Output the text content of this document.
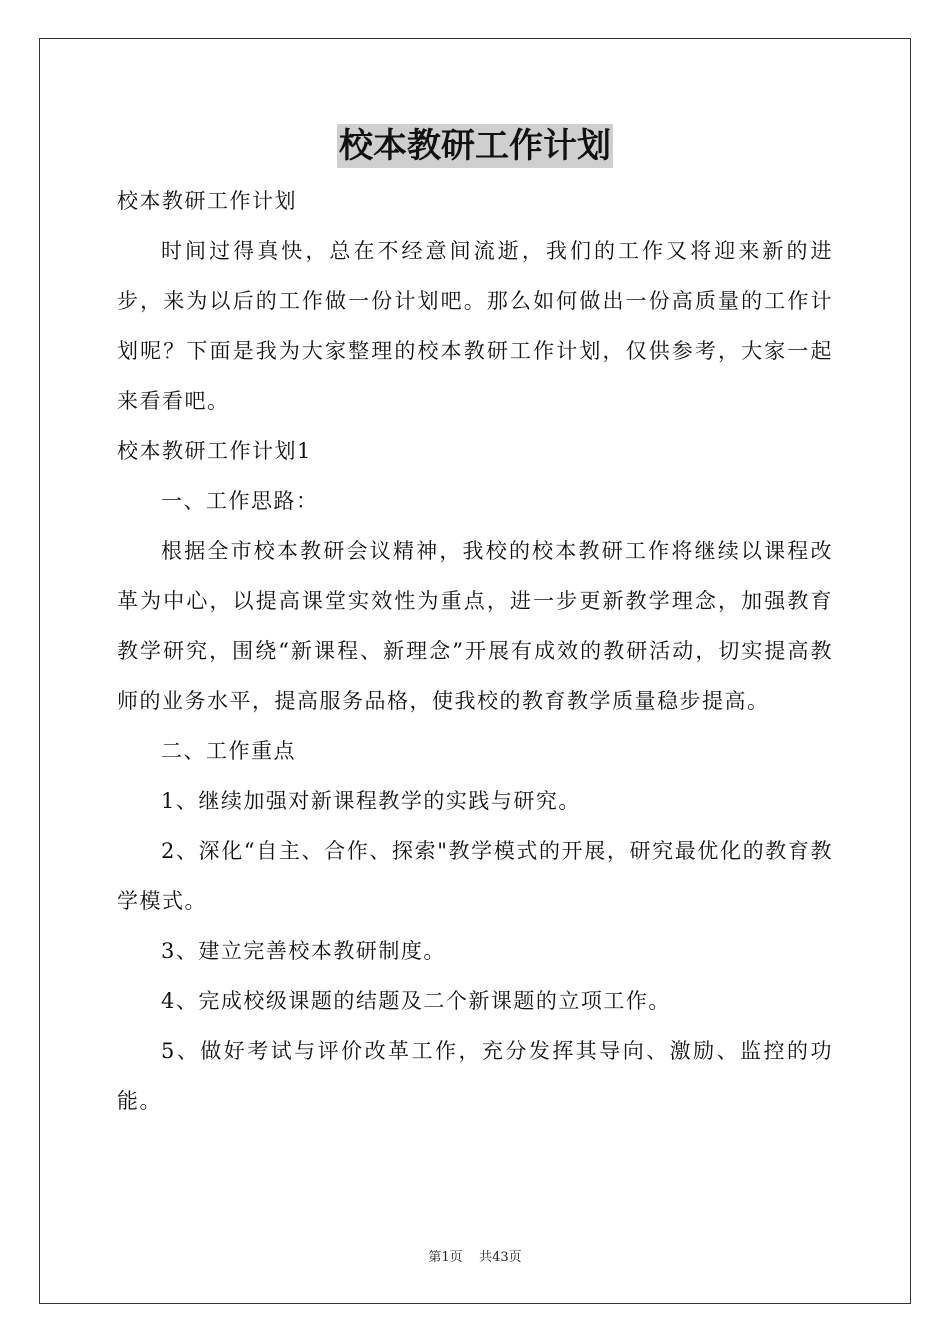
校本教研工作计划

校本教研工作计划

时间过得真快，总在不经意间流逝，我们的工作又将迎来新的进步，来为以后的工作做一份计划吧。那么如何做出一份高质量的工作计划呢？下面是我为大家整理的校本教研工作计划，仅供参考，大家一起来看看吧。

校本教研工作计划1

一、工作思路：

根据全市校本教研会议精神，我校的校本教研工作将继续以课程改革为中心，以提高课堂实效性为重点，进一步更新教学理念，加强教育教学研究，围绕“新课程、新理念”开展有成效的教研活动，切实提高教师的业务水平，提高服务品格，使我校的教育教学质量稳步提高。

二、工作重点

1、继续加强对新课程教学的实践与研究。

2、深化“自主、合作、探索"教学模式的开展，研究最优化的教育教学模式。

3、建立完善校本教研制度。

4、完成校级课题的结题及二个新课题的立项工作。

5、做好考试与评价改革工作，充分发挥其导向、激励、监控的功能。

第1页 共43页
